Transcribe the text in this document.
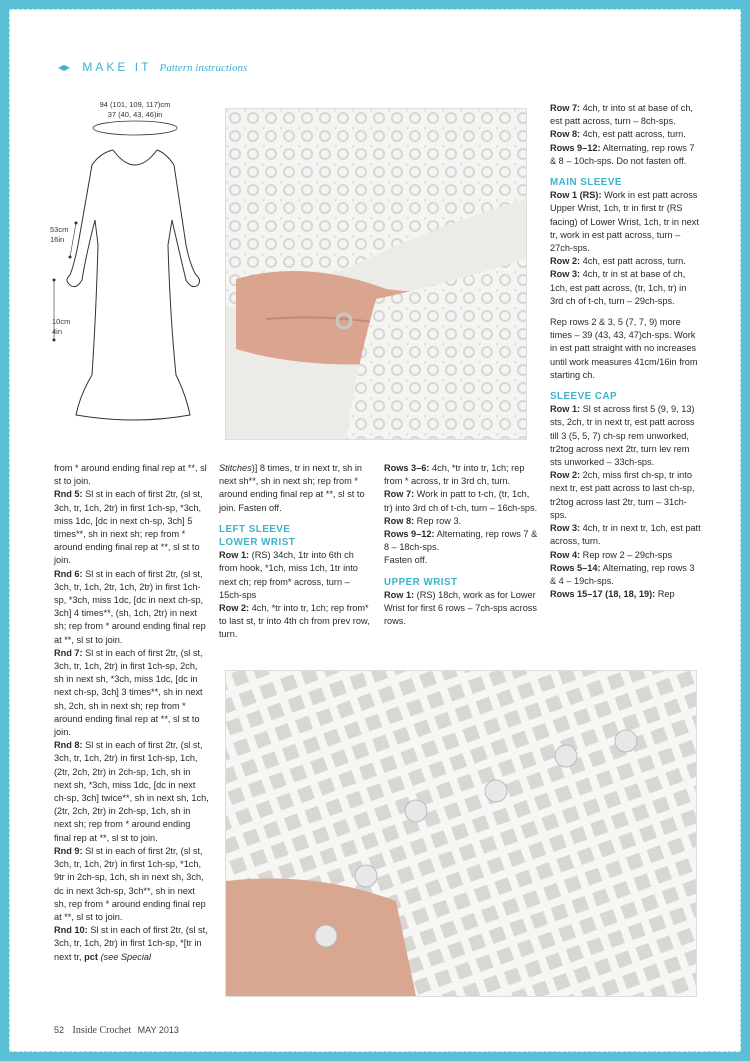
◂▸ MAKE IT Pattern instructions
94 (101, 109, 117)cm
37 (40, 43, 46)in
53cm
16in
10cm
4in

from * around ending final rep at **, sl st to join.

Rnd 5: Sl st in each of first 2tr, (sl st, 3ch, tr, 1ch, 2tr) in first 1ch-sp, *3ch, miss 1dc, [dc in next ch-sp, 3ch] 5 times**, sh in next sh; rep from * around ending final rep at **, sl st to join.

Rnd 6: Sl st in each of first 2tr, (sl st, 3ch, tr, 1ch, 2tr, 1ch, 2tr) in first 1ch-sp, *3ch, miss 1dc, [dc in next ch-sp, 3ch] 4 times**, (sh, 1ch, 2tr) in next sh; rep from * around ending final rep at **, sl st to join.

Rnd 7: Sl st in each of first 2tr, (sl st, 3ch, tr, 1ch, 2tr) in first 1ch-sp, 2ch, sh in next sh, *3ch, miss 1dc, [dc in next ch-sp, 3ch] 3 times**, sh in next sh, 2ch, sh in next sh; rep from * around ending final rep at **, sl st to join.

Rnd 8: Sl st in each of first 2tr, (sl st, 3ch, tr, 1ch, 2tr) in first 1ch-sp, 1ch, (2tr, 2ch, 2tr) in 2ch-sp, 1ch, sh in next sh, *3ch, miss 1dc, [dc in next ch-sp, 3ch] twice**, sh in next sh, 1ch, (2tr, 2ch, 2tr) in 2ch-sp, 1ch, sh in next sh; rep from * around ending final rep at **, sl st to join.

Rnd 9: Sl st in each of first 2tr, (sl st, 3ch, tr, 1ch, 2tr) in first 1ch-sp, *1ch, 9tr in 2ch-sp, 1ch, sh in next sh, 3ch, dc in next 3ch-sp, 3ch**, sh in next sh, rep from * around ending final rep at **, sl st to join.

Rnd 10: Sl st in each of first 2tr, (sl st, 3ch, tr, 1ch, 2tr) in first 1ch-sp, *[tr in next tr, pct (see Special

Stitches)] 8 times, tr in next tr, sh in next sh**, sh in next sh; rep from * around ending final rep at **, sl st to join. Fasten off.

LEFT SLEEVE

LOWER WRIST

Row 1: (RS) 34ch, 1tr into 6th ch from hook, *1ch, miss 1ch, 1tr into next ch; rep from* across, turn – 15ch-sps

Row 2: 4ch, *tr into tr, 1ch; rep from* to last st, tr into 4th ch from prev row, turn.

Rows 3–6: 4ch, *tr into tr, 1ch; rep from * across, tr in 3rd ch, turn.

Row 7: Work in patt to t-ch, (tr, 1ch, tr) into 3rd ch of t-ch, turn – 16ch-sps.

Row 8: Rep row 3.

Rows 9–12: Alternating, rep rows 7 & 8 – 18ch-sps.

Fasten off.

UPPER WRIST

Row 1: (RS) 18ch, work as for Lower Wrist for first 6 rows – 7ch-sps across rows.

Row 7: 4ch, tr into st at base of ch, est patt across, turn – 8ch-sps.

Row 8: 4ch, est patt across, turn.

Rows 9–12: Alternating, rep rows 7 & 8 – 10ch-sps. Do not fasten off.

MAIN SLEEVE

Row 1 (RS): Work in est patt across Upper Wrist, 1ch, tr in first tr (RS facing) of Lower Wrist, 1ch, tr in next tr, work in est patt across, turn – 27ch-sps.

Row 2: 4ch, est patt across, turn.

Row 3: 4ch, tr in st at base of ch, 1ch, est patt across, (tr, 1ch, tr) in 3rd ch of t-ch, turn – 29ch-sps.

Rep rows 2 & 3, 5 (7, 7, 9) more times – 39 (43, 43, 47)ch-sps. Work in est patt straight with no increases until work measures 41cm/16in from starting ch.

SLEEVE CAP

Row 1: Sl st across first 5 (9, 9, 13) sts, 2ch, tr in next tr, est patt across till 3 (5, 5, 7) ch-sp rem unworked, tr2tog across next 2tr, turn lev rem sts unworked – 33ch-sps.

Row 2: 2ch, miss first ch-sp, tr into next tr, est patt across to last ch-sp, tr2tog across last 2tr, turn – 31ch-sps.

Row 3: 4ch, tr in next tr, 1ch, est patt across, turn.

Row 4: Rep row 2 – 29ch-sps

Rows 5–14: Alternating, rep rows 3 & 4 – 19ch-sps.

Rows 15–17 (18, 18, 19): Rep

52 Inside Crochet MAY 2013
